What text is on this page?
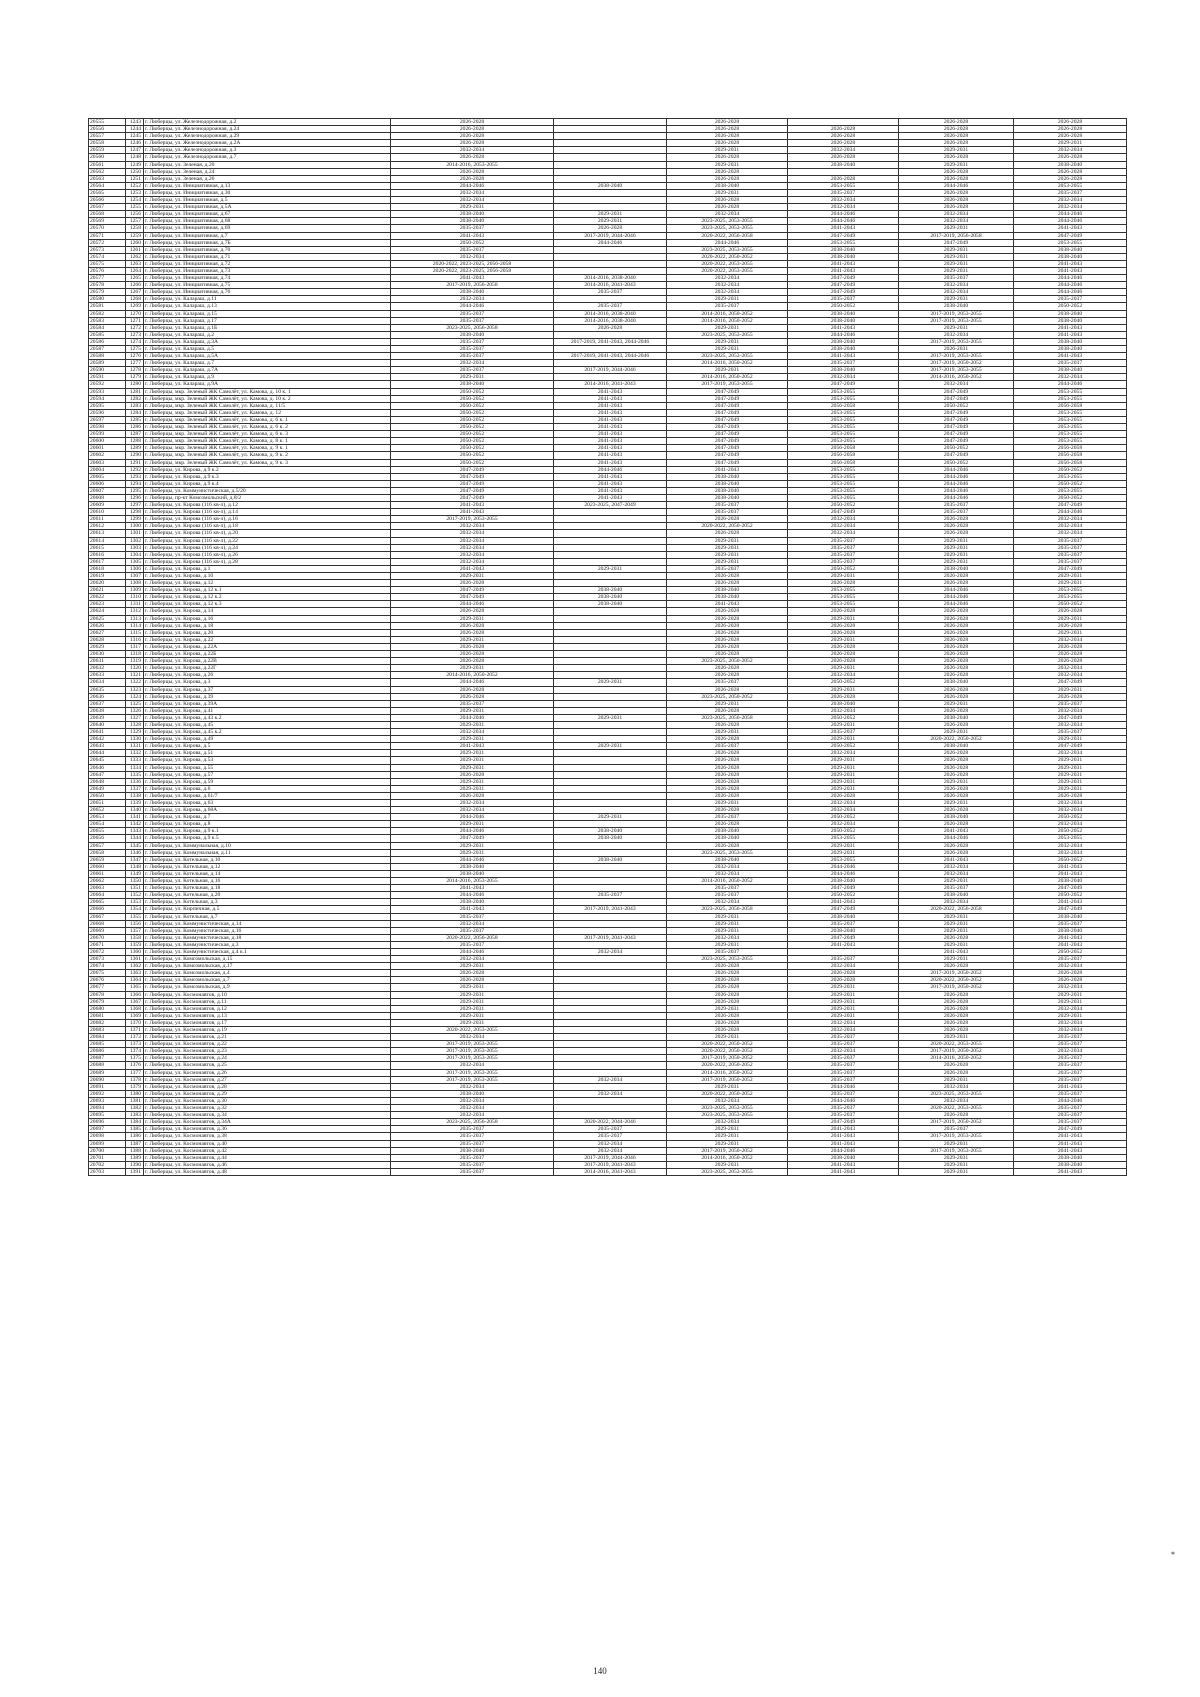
20555	1243	г. Люберцы, ул. Железнодорожная, д.2	2026-2028		2026-2028		2026-2028	2026-2028
20556	1244	г. Люберцы, ул. Железнодорожная, д.24	2026-2028		2026-2028	2026-2028	2026-2028	2026-2028
20557	1245	г. Люберцы, ул. Железнодорожная, д.29	2026-2028		2026-2028	2026-2028	2026-2028	2026-2028
20558	1246	г. Люберцы, ул. Железнодорожная, д.2А	2026-2028		2026-2028	2026-2028	2026-2028	2029-2031
20559	1247	г. Люберцы, ул. Железнодорожная, д.3	2032-2034		2029-2031	2032-2034	2029-2031	2032-2034
20560	1248	г. Люберцы, ул. Железнодорожная, д.7	2026-2028		2026-2028	2026-2028	2026-2028	2026-2028
20561	1249	г. Люберцы, ул. Зеленая, д.20	2014-2016, 2053-2055		2029-2031	2038-2040	2029-2031	2038-2040
20562	1250	г. Люберцы, ул. Зеленая, д.24	2026-2028		2026-2028		2026-2028	2026-2028
20563	1251	г. Люберцы, ул. Зеленая, д.26	2026-2028		2026-2028	2026-2028	2026-2028	2026-2028
20564	1252	г. Люберцы, ул. Инициативная, д.13	2044-2046	2038-2040	2038-2040	2053-2055	2044-2046	2053-2055
20565	1253	г. Люберцы, ул. Инициативная, д.30	2032-2034		2029-2031	2035-2037	2026-2028	2035-2037
20566	1254	г. Люберцы, ул. Инициативная, д.5	2032-2034		2026-2028	2032-2034	2026-2028	2032-2034
20567	1255	г. Люберцы, ул. Инициативная, д.5А	2029-2031		2026-2028	2032-2034	2026-2028	2032-2034
20568	1256	г. Люберцы, ул. Инициативная, д.67	2038-2040	2029-2031	2032-2034	2044-2046	2032-2034	2044-2046
20569	1257	г. Люберцы, ул. Инициативная, д.68	2038-2040	2029-2031	2023-2025, 2053-2055	2044-2046	2032-2034	2044-2046
20570	1258	г. Люберцы, ул. Инициативная, д.69	2035-2037	2026-2028	2023-2025, 2053-2055	2041-2043	2029-2031	2041-2043
20571	1259	г. Люберцы, ул. Инициативная, д.7	2041-2043	2017-2019, 2044-2046	2020-2022, 2056-2058	2047-2049	2017-2019, 2056-2058	2047-2049
20572	1260	г. Люберцы, ул. Инициативная, д.7Б	2050-2052	2044-2046	2044-2046	2053-2055	2047-2049	2053-2055
20573	1261	г. Люберцы, ул. Инициативная, д.70	2035-2037		2023-2025, 2053-2055	2038-2040	2029-2031	2038-2040
20574	1262	г. Люберцы, ул. Инициативная, д.71	2032-2034		2020-2022, 2050-2052	2038-2040	2029-2031	2038-2040
20575	1263	г. Люберцы, ул. Инициативная, д.72	2020-2022, 2023-2025, 2056-2058		2020-2022, 2053-2055	2041-2043	2029-2031	2041-2043
20576	1264	г. Люберцы, ул. Инициативная, д.73	2020-2022, 2023-2025, 2056-2058		2020-2022, 2053-2055	2041-2043	2029-2031	2041-2043
20577	1265	г. Люберцы, ул. Инициативная, д.74	2041-2043	2014-2016, 2038-2040	2032-2034	2047-2049	2035-2037	2044-2046
20578	1266	г. Люберцы, ул. Инициативная, д.75	2017-2019, 2056-2058	2014-2016, 2041-2043	2032-2034	2047-2049	2032-2034	2044-2046
20579	1267	г. Люберцы, ул. Инициативная, д.76	2038-2040	2035-2037	2032-2034	2047-2049	2032-2034	2044-2046
20580	1268	г. Люберцы, ул. Калараш, д.11	2032-2034		2029-2031	2035-2037	2029-2031	2035-2037
20581	1269	г. Люберцы, ул. Калараш, д.13	2044-2046	2035-2037	2035-2037	2050-2052	2038-2040	2050-2052
20582	1270	г. Люберцы, ул. Калараш, д.15	2035-2037	2014-2016, 2038-2040	2014-2016, 2050-2052	2038-2040	2017-2019, 2053-2055	2038-2040
20583	1271	г. Люберцы, ул. Калараш, д.17	2035-2037	2014-2016, 2038-2040	2014-2016, 2050-2052	2038-2040	2017-2019, 2053-2055	2038-2040
20584	1272	г. Люберцы, ул. Калараш, д.1Б	2023-2025, 2056-2058	2026-2028	2029-2031	2041-2043	2029-2031	2041-2043
20585	1273	г. Люберцы, ул. Калараш, д.2	2038-2040		2023-2025, 2053-2055	2044-2046	2032-2034	2041-2043
20586	1274	г. Люберцы, ул. Калараш, д.3А	2035-2037	2017-2019, 2041-2043, 2044-2046	2029-2031	2038-2040	2017-2019, 2053-2055	2038-2040
20587	1275	г. Люберцы, ул. Калараш, д.5	2035-2037		2029-2031	2038-2040	2026-2031	2038-2040
20588	1276	г. Люберцы, ул. Калараш, д.5А	2035-2037	2017-2019, 2041-2043, 2044-2046	2023-2025, 2053-2055	2041-2043	2017-2019, 2053-2055	2041-2043
20589	1277	г. Люберцы, ул. Калараш, д.7	2032-2034		2014-2016, 2050-2052	2035-2037	2017-2019, 2050-2052	2035-2037
20590	1278	г. Люберцы, ул. Калараш, д.7А	2035-2037	2017-2019, 2044-2046	2029-2031	2038-2040	2017-2019, 2053-2055	2038-2040
20591	1279	г. Люберцы, ул. Калараш, д.9	2029-2031		2014-2016, 2050-2052	2032-2034	2014-2016, 2050-2052	2032-2034
20592	1280	г. Люберцы, ул. Калараш, д.9А	2038-2040	2014-2016, 2041-2043	2017-2019, 2053-2055	2047-2049	2032-2034	2044-2046
20593	1281	г. Люберцы, мкр. Зеленый ЖК Самолёт, ул. Камова, д. 10 к. 1	2050-2052	2041-2043	2047-2049	2053-2055	2047-2049	2053-2055
20594	1282	г. Люберцы, мкр. Зеленый ЖК Самолёт, ул. Камова, д. 10 к. 2	2050-2052	2041-2043	2047-2049	2053-2055	2047-2049	2053-2055
20595	1283	г. Люберцы, мкр. Зеленый ЖК Самолёт, ул. Камова, д. 11/5	2050-2052	2041-2043	2047-2049	2056-2058	2050-2052	2056-2058
20596	1284	г. Люберцы, мкр. Зеленый ЖК Самолёт, ул. Камова, д. 12	2050-2052	2041-2043	2047-2049	2053-2055	2047-2049	2053-2055
20597	1285	г. Люберцы, мкр. Зеленый ЖК Самолёт, ул. Камова, д. 6 к. 1	2050-2052	2041-2043	2047-2049	2053-2055	2047-2049	2053-2055
20598	1286	г. Люберцы, мкр. Зеленый ЖК Самолёт, ул. Камова, д. 6 к. 2	2050-2052	2041-2043	2047-2049	2053-2055	2047-2049	2053-2055
20599	1287	г. Люберцы, мкр. Зеленый ЖК Самолёт, ул. Камова, д. 6 к. 3	2050-2052	2041-2043	2047-2049	2053-2055	2047-2049	2053-2055
20600	1288	г. Люберцы, мкр. Зеленый ЖК Самолёт, ул. Камова, д. 8 к. 1	2050-2052	2041-2043	2047-2049	2053-2055	2047-2049	2053-2055
20601	1289	г. Люберцы, мкр. Зеленый ЖК Самолёт, ул. Камова, д. 9 к. 1	2050-2052	2041-2043	2047-2049	2056-2058	2050-2052	2056-2058
20602	1290	г. Люберцы, мкр. Зеленый ЖК Самолёт, ул. Камова, д. 9 к. 2	2050-2052	2041-2043	2047-2049	2056-2058	2047-2049	2056-2058
20603	1291	г. Люберцы, мкр. Зеленый ЖК Самолёт, ул. Камова, д. 9 к. 3	2050-2052	2041-2043	2047-2049	2056-2058	2050-2052	2056-2058
20604	1292	г. Люберцы, ул. Кирова, д.9 к.2	2047-2049	2044-2046	2041-2043	2053-2055	2044-2046	2050-2052
20605	1293	г. Люберцы, ул. Кирова, д.9 к.3	2047-2049	2041-2043	2038-2040	2053-2055	2044-2046	2053-2055
20606	1294	г. Люберцы, ул. Кирова, д.9 к.4	2047-2049	2041-2043	2038-2040	2053-2055	2044-2046	2050-2052
20607	1295	г. Люберцы, ул. Коммунистическая, д.5/20	2047-2049	2041-2043	2038-2040	2053-2055	2044-2046	2053-2055
20608	1296	г. Люберцы, пр-кт Комсомольский, д.8/2	2047-2049	2041-2043	2038-2040	2053-2055	2044-2046	2050-2052
20609	1297	г. Люберцы, ул. Кирова (116 кв-л), д.12	2041-2043	2023-2025, 2047-2049	2035-2037	2050-2052	2035-2037	2047-2049
20610	1298	г. Люберцы, ул. Кирова (116 кв-л), д.14	2041-2043		2035-2037	2047-2049	2035-2037	2044-2046
20611	1299	г. Люберцы, ул. Кирова (116 кв-л), д.16	2017-2019, 2053-2055		2026-2028	2032-2034	2026-2028	2032-2034
20612	1300	г. Люберцы, ул. Кирова (116 кв-л), д.18	2032-2034		2020-2022, 2050-2052	2032-2034	2026-2028	2032-2034
20613	1301	г. Люберцы, ул. Кирова (116 кв-л), д.20	2032-2034		2026-2028	2032-2034	2026-2028	2032-2034
20614	1302	г. Люберцы, ул. Кирова (116 кв-л), д.22	2032-2034		2029-2031	2035-2037	2029-2031	2035-2037
20615	1303	г. Люберцы, ул. Кирова (116 кв-л), д.24	2032-2034		2029-2031	2035-2037	2029-2031	2035-2037
20616	1304	г. Люберцы, ул. Кирова (116 кв-л), д.26	2032-2034		2029-2031	2035-2037	2029-2031	2035-2037
20617	1305	г. Люберцы, ул. Кирова (116 кв-л), д.28	2032-2034		2029-2031	2035-2037	2029-2031	2035-2037
20618	1306	г. Люберцы, ул. Кирова, д.1	2041-2043	2029-2031	2035-2037	2050-2052	2038-2040	2047-2049
20619	1307	г. Люберцы, ул. Кирова, д.10	2029-2031		2026-2028	2029-2031	2026-2028	2029-2031
20620	1308	г. Люберцы, ул. Кирова, д.12	2026-2028		2026-2028	2026-2028	2026-2028	2029-2031
20621	1309	г. Люберцы, ул. Кирова, д.12 к.1	2047-2049	2038-2040	2038-2040	2053-2055	2044-2046	2053-2055
20622	1310	г. Люберцы, ул. Кирова, д.12 к.2	2047-2049	2038-2040	2038-2040	2053-2055	2044-2046	2053-2055
20623	1311	г. Люберцы, ул. Кирова, д.12 к.3	2044-2046	2038-2040	2041-2043	2053-2055	2044-2046	2050-2052
20624	1312	г. Люберцы, ул. Кирова, д.14	2026-2028		2026-2028	2026-2028	2026-2028	2026-2028
20625	1313	г. Люберцы, ул. Кирова, д.16	2029-2031		2026-2028	2029-2031	2026-2028	2029-2031
20626	1314	г. Люберцы, ул. Кирова, д.18	2026-2028		2026-2028	2026-2028	2026-2028	2026-2028
20627	1315	г. Люберцы, ул. Кирова, д.20	2026-2028		2026-2028	2026-2028	2026-2028	2029-2031
20628	1316	г. Люберцы, ул. Кирова, д.22	2029-2031		2026-2028	2029-2031	2026-2028	2032-2034
20629	1317	г. Люберцы, ул. Кирова, д.22А	2026-2028		2026-2028	2026-2028	2026-2028	2026-2028
20630	1318	г. Люберцы, ул. Кирова, д.22Б	2026-2028		2026-2028	2026-2028	2026-2028	2026-2028
20631	1319	г. Люберцы, ул. Кирова, д.22В	2026-2028		2023-2025, 2050-2052	2026-2028	2026-2028	2026-2028
20632	1320	г. Люберцы, ул. Кирова, д.22Г	2029-2031		2026-2028	2029-2031	2026-2028	2032-2034
20633	1321	г. Люберцы, ул. Кирова, д.26	2014-2016, 2050-2052		2026-2028	2032-2034	2026-2028	2032-2034
20634	1322	г. Люберцы, ул. Кирова, д.3	2044-2046	2029-2031	2035-2037	2050-2052	2038-2040	2047-2049
20635	1323	г. Люберцы, ул. Кирова, д.37	2026-2028		2026-2028	2029-2031	2026-2028	2029-2031
20636	1324	г. Люберцы, ул. Кирова, д.39	2026-2028		2023-2025, 2050-2052	2026-2028	2026-2028	2026-2028
20637	1325	г. Люберцы, ул. Кирова, д.39А	2035-2037		2029-2031	2038-2040	2029-2031	2035-2037
20638	1326	г. Люберцы, ул. Кирова, д.41	2029-2031		2026-2028	2032-2034	2026-2028	2032-2034
20639	1327	г. Люберцы, ул. Кирова, д.43 к.2	2044-2046	2029-2031	2023-2025, 2056-2058	2050-2052	2038-2040	2047-2049
20640	1328	г. Люберцы, ул. Кирова, д.45	2029-2031		2026-2028	2029-2031	2026-2028	2032-2034
20641	1329	г. Люберцы, ул. Кирова, д.45 к.2	2032-2034		2029-2031	2035-2037	2029-2031	2035-2037
20642	1330	г. Люберцы, ул. Кирова, д.49	2029-2031		2026-2028	2029-2031	2020-2022, 2050-2052	2029-2031
20643	1331	г. Люберцы, ул. Кирова, д.5	2041-2043	2029-2031	2035-2037	2050-2052	2038-2040	2047-2049
20644	1332	г. Люберцы, ул. Кирова, д.51	2029-2031		2026-2028	2032-2034	2026-2028	2032-2034
20645	1333	г. Люберцы, ул. Кирова, д.53	2029-2031		2026-2028	2029-2031	2026-2028	2029-2031
20646	1334	г. Люберцы, ул. Кирова, д.55	2029-2031		2026-2028	2029-2031	2026-2028	2029-2031
20647	1335	г. Люберцы, ул. Кирова, д.57	2026-2028		2026-2028	2029-2031	2026-2028	2029-2031
20648	1336	г. Люберцы, ул. Кирова, д.59	2029-2031		2026-2028	2029-2031	2029-2031	2029-2031
20649	1337	г. Люберцы, ул. Кирова, д.6	2029-2031		2026-2028	2029-2031	2026-2028	2029-2031
20650	1338	г. Люберцы, ул. Кирова, д.61/7	2026-2028		2026-2028	2026-2028	2026-2028	2026-2028
20651	1339	г. Люберцы, ул. Кирова, д.63	2032-2034		2029-2031	2032-2034	2029-2031	2032-2034
20652	1340	г. Люберцы, ул. Кирова, д.68А	2032-2034		2026-2028	2032-2034	2026-2028	2032-2034
20653	1341	г. Люберцы, ул. Кирова, д.7	2044-2046	2029-2031	2035-2037	2050-2052	2038-2040	2050-2052
20654	1342	г. Люберцы, ул. Кирова, д.8	2029-2031		2026-2028	2032-2034	2026-2028	2032-2034
20655	1343	г. Люберцы, ул. Кирова, д.9 к.1	2044-2046	2038-2040	2038-2040	2050-2052	2041-2043	2050-2052
20656	1344	г. Люберцы, ул. Кирова, д.9 к.5	2047-2049	2038-2040	2038-2040	2053-2055	2044-2046	2053-2055
20657	1345	г. Люберцы, ул. Коммунальная, д.10	2029-2031		2026-2028	2029-2031	2026-2028	2032-2034
20658	1346	г. Люберцы, ул. Коммунальная, д.11	2029-2031		2023-2025, 2053-2055	2029-2031	2026-2028	2032-2034
20659	1347	г. Люберцы, ул. Котельная, д.10	2044-2046	2038-2040	2038-2040	2053-2055	2041-2043	2050-2052
20660	1348	г. Люберцы, ул. Котельная, д.12	2038-2040		2032-2034	2044-2046	2032-2034	2041-2043
20661	1349	г. Люберцы, ул. Котельная, д.14	2038-2040		2032-2034	2044-2046	2032-2034	2041-2043
20662	1350	г. Люберцы, ул. Котельная, д.16	2014-2016, 2053-2055		2014-2016, 2050-2052	2038-2040	2029-2031	2038-2040
20663	1351	г. Люберцы, ул. Котельная, д.18	2041-2043		2035-2037	2047-2049	2035-2037	2047-2049
20664	1352	г. Люберцы, ул. Котельная, д.20	2044-2046	2035-2037	2035-2037	2050-2052	2038-2040	2050-2052
20665	1353	г. Люберцы, ул. Котельная, д.3	2038-2040		2032-2034	2041-2043	2032-2034	2041-2043
20666	1354	г. Люберцы, ул. Кирпичная, д.5	2041-2043	2017-2019, 2041-2043	2023-2025, 2056-2058	2047-2049	2020-2022, 2056-2058	2047-2049
20667	1355	г. Люберцы, ул. Котельная, д.7	2035-2037		2029-2031	2038-2040	2029-2031	2038-2040
20668	1356	г. Люберцы, ул. Коммунистическая, д.14	2032-2034		2029-2031	2035-2037	2029-2031	2035-2037
20669	1357	г. Люберцы, ул. Коммунистическая, д.16	2035-2037		2029-2031	2038-2040	2029-2031	2038-2040
20670	1358	г. Люберцы, ул. Коммунистическая, д.18	2020-2022, 2056-2058	2017-2019, 2041-2043	2032-2034	2047-2049	2026-2028	2041-2043
20671	1359	г. Люберцы, ул. Коммунистическая, д.3	2035-2037		2029-2031	2041-2043	2029-2031	2041-2043
20672	1360	г. Люберцы, ул. Коммунистическая, д.4 к.1	2044-2046	2032-2034	2035-2037		2041-2043	2050-2052
20673	1361	г. Люберцы, ул. Комсомольская, д.15	2032-2034		2023-2025, 2053-2055	2035-2037	2029-2031	2035-2037
20674	1362	г. Люберцы, ул. Комсомольская, д.17	2029-2031		2026-2028	2032-2034	2026-2028	2032-2034
20675	1363	г. Люберцы, ул. Комсомольская, д.4	2026-2028		2026-2028	2026-2028	2017-2019, 2050-2052	2026-2028
20676	1364	г. Люберцы, ул. Комсомольская, д.7	2026-2028		2026-2028	2026-2028	2020-2022, 2050-2052	2026-2028
20677	1365	г. Люберцы, ул. Комсомольская, д.9	2029-2031		2026-2028	2029-2031	2017-2019, 2050-2052	2032-2034
20678	1366	г. Люберцы, ул. Космонавтов, д.10	2029-2031		2026-2028	2029-2031	2026-2028	2029-2031
20679	1367	г. Люберцы, ул. Космонавтов, д.11	2029-2031		2026-2028	2029-2031	2026-2028	2029-2031
20680	1368	г. Люберцы, ул. Космонавтов, д.12	2029-2031		2029-2031	2029-2031	2026-2028	2032-2034
20681	1369	г. Люберцы, ул. Космонавтов, д.13	2029-2031		2026-2028	2029-2031	2026-2028	2029-2031
20682	1370	г. Люберцы, ул. Космонавтов, д.17	2029-2031		2026-2028	2032-2034	2026-2028	2032-2034
20683	1371	г. Люберцы, ул. Космонавтов, д.19	2020-2022, 2053-2055		2026-2028	2032-2034	2026-2028	2032-2034
20684	1372	г. Люберцы, ул. Космонавтов, д.21	2032-2034		2029-2031	2035-2037	2029-2031	2035-2037
20685	1373	г. Люберцы, ул. Космонавтов, д.22	2017-2019, 2053-2055		2020-2022, 2050-2052	2035-2037	2020-2022, 2053-2055	2035-2037
20686	1374	г. Люберцы, ул. Космонавтов, д.23	2017-2019, 2053-2055		2020-2022, 2050-2052	2032-2034	2017-2019, 2050-2052	2032-2034
20687	1375	г. Люберцы, ул. Космонавтов, д.24	2017-2019, 2053-2055		2017-2019, 2050-2052	2035-2037	2014-2016, 2050-2052	2035-2037
20688	1376	г. Люберцы, ул. Космонавтов, д.25	2032-2034		2020-2022, 2050-2052	2035-2037	2026-2028	2035-2037
20689	1377	г. Люберцы, ул. Космонавтов, д.26	2017-2019, 2053-2055		2014-2016, 2050-2052	2035-2037	2026-2028	2035-2037
20690	1378	г. Люберцы, ул. Космонавтов, д.27	2017-2019, 2053-2055	2032-2034	2017-2019, 2050-2052	2035-2037	2029-2031	2035-2037
20691	1379	г. Люберцы, ул. Космонавтов, д.28	2032-2034		2029-2031	2044-2046	2032-2034	2041-2043
20692	1380	г. Люберцы, ул. Космонавтов, д.29	2038-2040	2032-2034	2020-2022, 2050-2052	2035-2037	2023-2025, 2053-2055	2035-2037
20693	1381	г. Люберцы, ул. Космонавтов, д.30	2032-2034		2032-2034	2044-2046	2032-2034	2044-2046
20694	1382	г. Люберцы, ул. Космонавтов, д.32	2032-2034		2023-2025, 2053-2055	2035-2037	2020-2022, 2053-2055	2035-2037
20695	1383	г. Люберцы, ул. Космонавтов, д.34	2032-2034		2023-2025, 2053-2055	2035-2037	2026-2028	2035-2037
20696	1384	г. Люберцы, ул. Космонавтов, д.34А	2023-2025, 2056-2058	2020-2022, 2044-2046	2032-2034	2047-2049	2017-2019, 2050-2052	2035-2037
20697	1385	г. Люберцы, ул. Космонавтов, д.36	2035-2037	2035-2037	2029-2031	2041-2043	2035-2037	2047-2049
20698	1386	г. Люберцы, ул. Космонавтов, д.38	2035-2037	2035-2037	2029-2031	2041-2043	2017-2019, 2053-2055	2041-2043
20699	1387	г. Люберцы, ул. Космонавтов, д.40	2035-2037	2032-2034	2029-2031	2041-2043	2029-2031	2041-2043
20700	1388	г. Люберцы, ул. Космонавтов, д.42	2038-2040	2032-2034	2017-2019, 2050-2052	2044-2046	2017-2019, 2053-2055	2041-2043
20701	1389	г. Люберцы, ул. Космонавтов, д.44	2035-2037	2017-2019, 2044-2046	2014-2016, 2050-2052	2038-2040	2029-2031	2038-2040
20702	1390	г. Люберцы, ул. Космонавтов, д.46	2035-2037	2017-2019, 2041-2043	2029-2031	2041-2043	2029-2031	2038-2040
20703	1391	г. Люберцы, ул. Космонавтов, д.48	2035-2037	2014-2016, 2041-2043	2023-2025, 2053-2055	2041-2043	2029-2031	2041-2043
140
*
